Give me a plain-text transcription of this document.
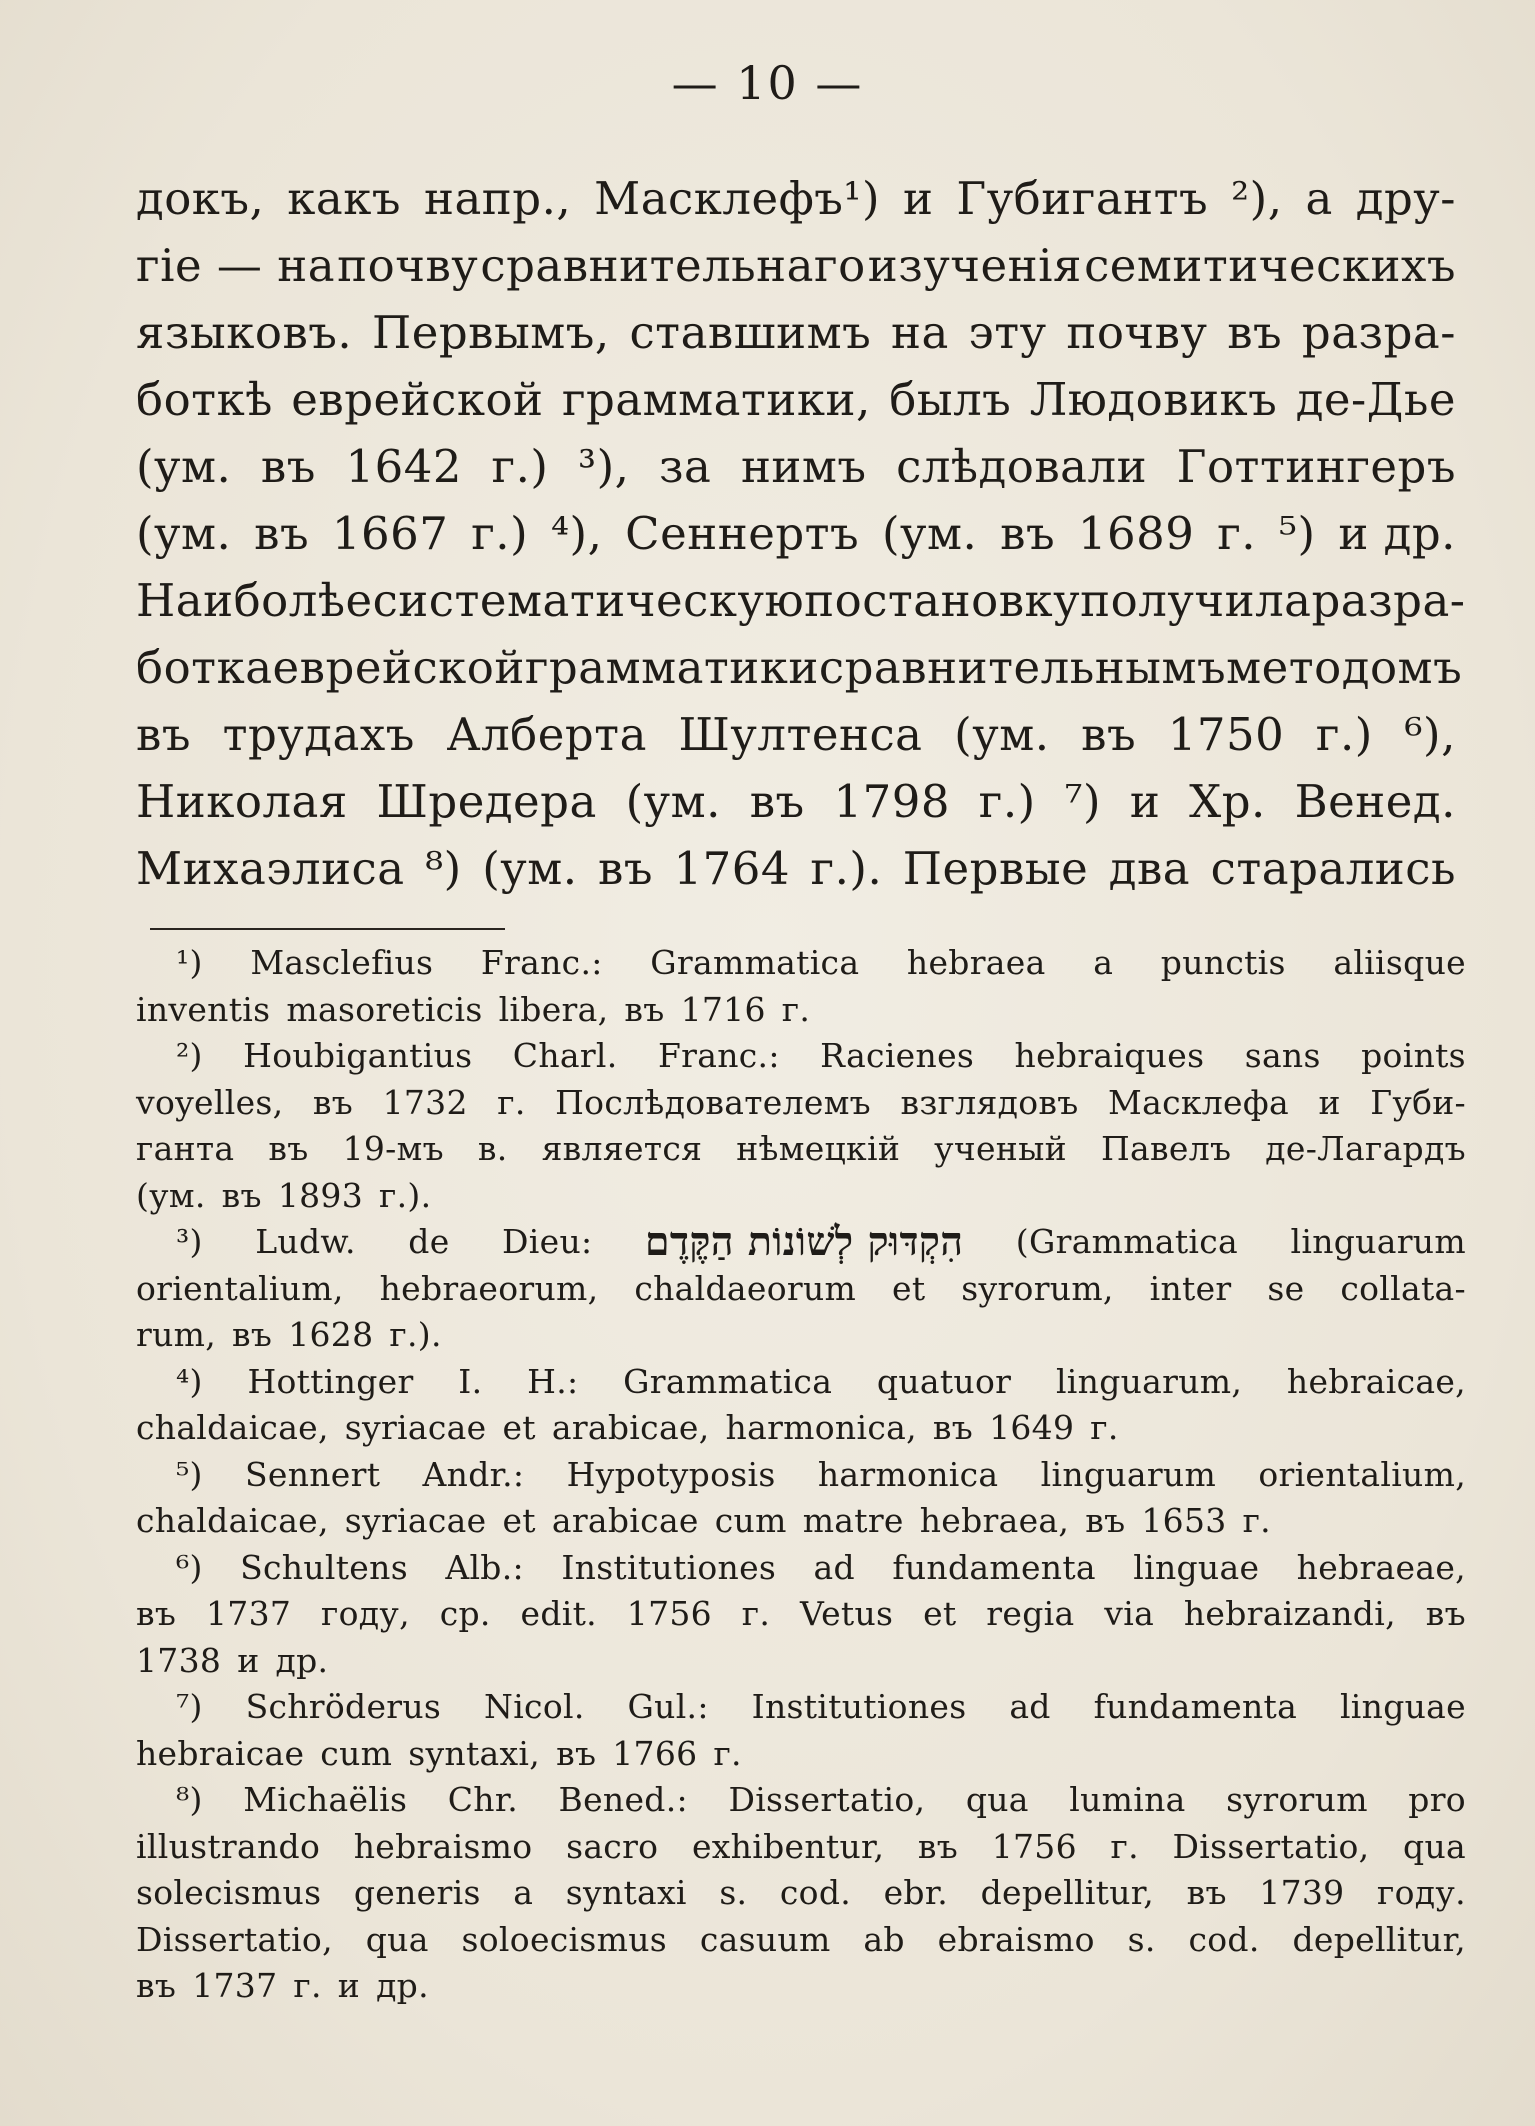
— 10 —
докъ, какъ напр., Масклефъ¹) и Губигантъ ²), а дру-
гіе — на почву сравнительнаго изученія семитическихъ
языковъ. Первымъ, ставшимъ на эту почву въ разра-
боткѣ еврейской грамматики, былъ Людовикъ де-Дье
(ум. въ 1642 г.) ³), за нимъ слѣдовали Готтингеръ
(ум. въ 1667 г.) ⁴), Сеннертъ (ум. въ 1689 г. ⁵) и др.
Наиболѣе систематическую постановку получила разра-
ботка еврейской грамматики сравнительнымъ методомъ
въ трудахъ Алберта Шултенса (ум. въ 1750 г.) ⁶),
Николая Шредера (ум. въ 1798 г.) ⁷) и Хр. Венед.
Михаэлиса ⁸) (ум. въ 1764 г.). Первые два старались
¹) Masclefius Franc.: Grammatica hebraea a punctis aliisque
inventis masoreticis libera, въ 1716 г.
²) Houbigantius Charl. Franc.: Racienes hebraiques sans points
voyelles, въ 1732 г. Послѣдователемъ взглядовъ Масклефа и Губи-
ганта въ 19-мъ в. является нѣмецкій ученый Павелъ де-Лагардъ
(ум. въ 1893 г.).
³) Ludw. de Dieu: הִקְדּוּק לְשׁוֹנוֹת הַקֶּדֶם (Grammatica linguarum
orientalium, hebraeorum, chaldaeorum et syrorum, inter se collata-
rum, въ 1628 г.).
⁴) Hottinger I. H.: Grammatica quatuor linguarum, hebraicae,
chaldaicae, syriacae et arabicae, harmonica, въ 1649 г.
⁵) Sennert Andr.: Hypotyposis harmonica linguarum orientalium,
chaldaicae, syriacae et arabicae cum matre hebraea, въ 1653 г.
⁶) Schultens Alb.: Institutiones ad fundamenta linguae hebraeae,
въ 1737 году, ср. edit. 1756 г. Vetus et regia via hebraizandi, въ
1738 и др.
⁷) Schröderus Nicol. Gul.: Institutiones ad fundamenta linguae
hebraicae cum syntaxi, въ 1766 г.
⁸) Michaëlis Chr. Bened.: Dissertatio, qua lumina syrorum pro
illustrando hebraismo sacro exhibentur, въ 1756 г. Dissertatio, qua
solecismus generis a syntaxi s. cod. ebr. depellitur, въ 1739 году.
Dissertatio, qua soloecismus casuum ab ebraismo s. cod. depellitur,
въ 1737 г. и др.
